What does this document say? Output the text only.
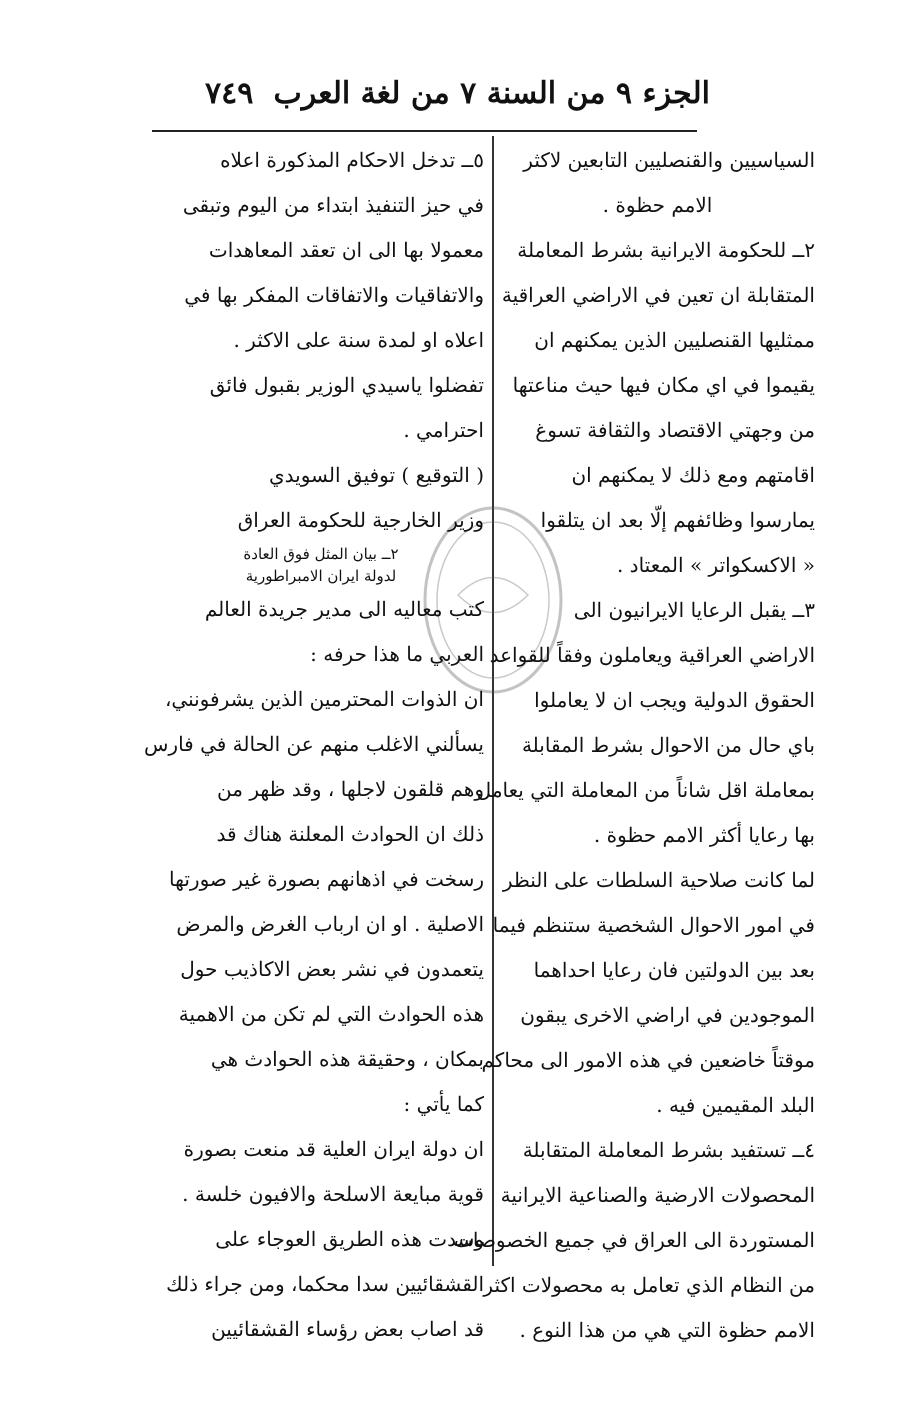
الجزء ٩ من السنة ٧ من لغة العرب
٧٤٩
السياسيين والقنصليين التابعين لاكثر
الامم حظوة .
٢ــ للحكومة الايرانية بشرط المعاملة
المتقابلة ان تعين في الاراضي العراقية
ممثليها القنصليين الذين يمكنهم ان
يقيموا في اي مكان فيها حيث مناعتها
من وجهتي الاقتصاد والثقافة تسوغ
اقامتهم ومع ذلك لا يمكنهم ان
يمارسوا وظائفهم إلّا بعد ان يتلقوا
« الاكسكواتر » المعتاد .
٣ــ يقبل الرعايا الايرانيون الى
الاراضي العراقية ويعاملون وفقاً للقواعد
الحقوق الدولية ويجب ان لا يعاملوا
باي حال من الاحوال بشرط المقابلة
بمعاملة اقل شاناً من المعاملة التي يعامل
بها رعايا أكثر الامم حظوة .
لما كانت صلاحية السلطات على النظر
في امور الاحوال الشخصية ستنظم فيما
بعد بين الدولتين فان رعايا احداهما
الموجودين في اراضي الاخرى يبقون
موقتاً خاضعين في هذه الامور الى محاكم
البلد المقيمين فيه .
٤ــ تستفيد بشرط المعاملة المتقابلة
المحصولات الارضية والصناعية الايرانية
المستوردة الى العراق في جميع الخصوصات
من النظام الذي تعامل به محصولات اكثر
الامم حظوة التي هي من هذا النوع .
٥ــ تدخل الاحكام المذكورة اعلاه
في حيز التنفيذ ابتداء من اليوم وتبقى
معمولا بها الى ان تعقد المعاهدات
والاتفاقيات والاتفاقات المفكر بها في
اعلاه او لمدة سنة على الاكثر .
تفضلوا ياسيدي الوزير بقبول فائق
احترامي .
( التوقيع ) توفيق السويدي
وزير الخارجية للحكومة العراق
٢ــ بيان المثل فوق العادة
لدولة ايران الامبراطورية
كتب معاليه الى مدير جريدة العالم
العربي ما هذا حرفه :
ان الذوات المحترمين الذين يشرفونني،
يسألني الاغلب منهم عن الحالة في فارس
وهم قلقون لاجلها ، وقد ظهر من
ذلك ان الحوادث المعلنة هناك قد
رسخت في اذهانهم بصورة غير صورتها
الاصلية . او ان ارباب الغرض والمرض
يتعمدون في نشر بعض الاكاذيب حول
هذه الحوادث التي لم تكن من الاهمية
بمكان ، وحقيقة هذه الحوادث هي
كما يأتي :
ان دولة ايران العلية قد منعت بصورة
قوية مبايعة الاسلحة والافيون خلسة .
وسدت هذه الطريق العوجاء على
القشقائيين سدا محكما، ومن جراء ذلك
قد اصاب بعض رؤساء القشقائيين
